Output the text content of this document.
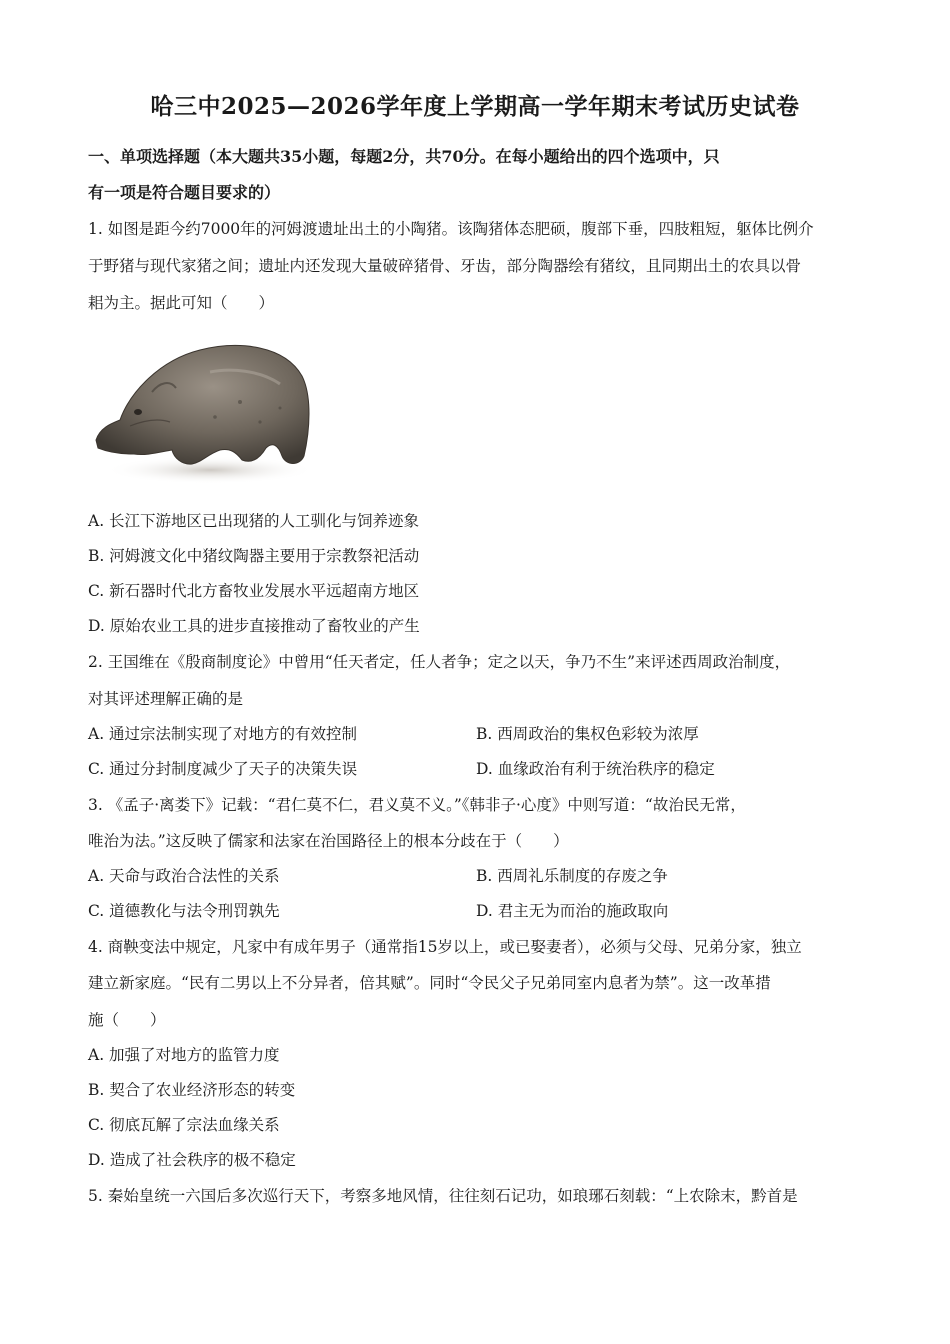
哈三中2025—2026学年度上学期高一学年期末考试历史试卷
一、单项选择题（本大题共35小题，每题2分，共70分。在每小题给出的四个选项中，只
有一项是符合题目要求的）
1. 如图是距今约7000年的河姆渡遗址出土的小陶猪。该陶猪体态肥硕，腹部下垂，四肢粗短，躯体比例介
于野猪与现代家猪之间；遗址内还发现大量破碎猪骨、牙齿，部分陶器绘有猪纹，且同期出土的农具以骨
耜为主。据此可知（　　）
A. 长江下游地区已出现猪的人工驯化与饲养迹象
B. 河姆渡文化中猪纹陶器主要用于宗教祭祀活动
C. 新石器时代北方畜牧业发展水平远超南方地区
D. 原始农业工具的进步直接推动了畜牧业的产生
2. 王国维在《殷商制度论》中曾用“任天者定，任人者争；定之以天，争乃不生”来评述西周政治制度，
对其评述理解正确的是
A. 通过宗法制实现了对地方的有效控制	B. 西周政治的集权色彩较为浓厚
C. 通过分封制度减少了天子的决策失误	D. 血缘政治有利于统治秩序的稳定
3. 《孟子·离娄下》记载：“君仁莫不仁，君义莫不义。”《韩非子·心度》中则写道：“故治民无常，
唯治为法。”这反映了儒家和法家在治国路径上的根本分歧在于（　　）
A. 天命与政治合法性的关系	B. 西周礼乐制度的存废之争
C. 道德教化与法令刑罚孰先	D. 君主无为而治的施政取向
4. 商鞅变法中规定，凡家中有成年男子（通常指15岁以上，或已娶妻者），必须与父母、兄弟分家，独立
建立新家庭。“民有二男以上不分异者，倍其赋”。同时“令民父子兄弟同室内息者为禁”。这一改革措
施（　　）
A. 加强了对地方的监管力度
B. 契合了农业经济形态的转变
C. 彻底瓦解了宗法血缘关系
D. 造成了社会秩序的极不稳定
5. 秦始皇统一六国后多次巡行天下，考察多地风情，往往刻石记功，如琅琊石刻载：“上农除末，黔首是
